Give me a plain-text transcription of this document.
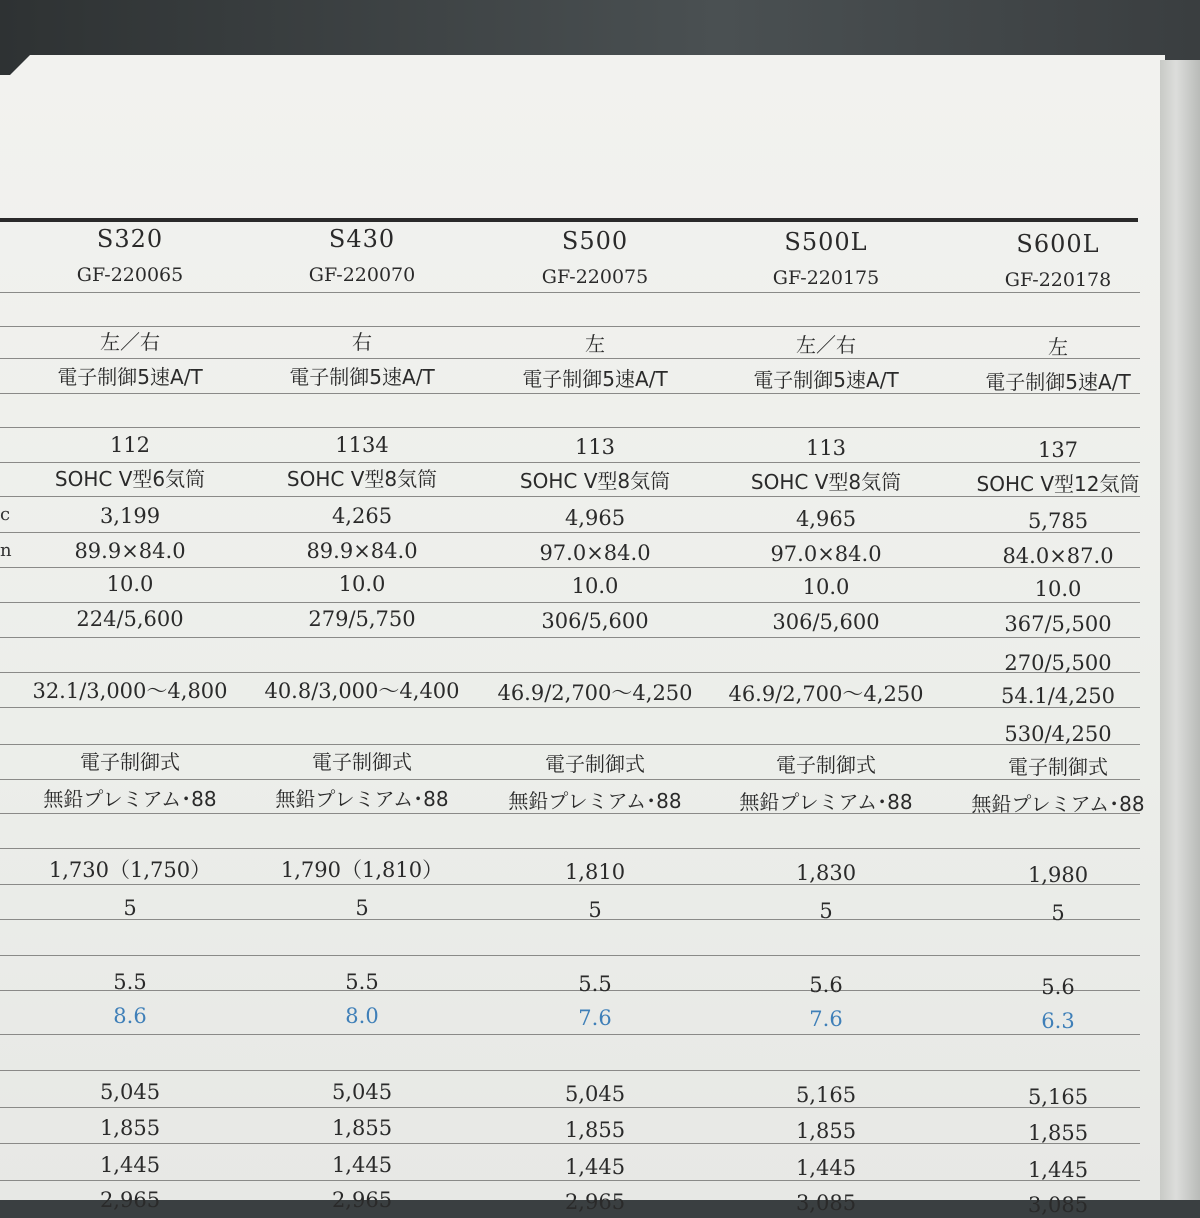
c
n
S320
GF-220065
左／右
電子制御5速A/T
112
SOHC V型6気筒
3,199
89.9×84.0
10.0
224/5,600
32.1/3,000〜4,800
電子制御式
無鉛プレミアム･88
1,730（1,750）
5
5.5
8.6
5,045
1,855
1,445
2,965
S430
GF-220070
右
電子制御5速A/T
1134
SOHC V型8気筒
4,265
89.9×84.0
10.0
279/5,750
40.8/3,000〜4,400
電子制御式
無鉛プレミアム･88
1,790（1,810）
5
5.5
8.0
5,045
1,855
1,445
2,965
S500
GF-220075
左
電子制御5速A/T
113
SOHC V型8気筒
4,965
97.0×84.0
10.0
306/5,600
46.9/2,700〜4,250
電子制御式
無鉛プレミアム･88
1,810
5
5.5
7.6
5,045
1,855
1,445
2,965
S500L
GF-220175
左／右
電子制御5速A/T
113
SOHC V型8気筒
4,965
97.0×84.0
10.0
306/5,600
46.9/2,700〜4,250
電子制御式
無鉛プレミアム･88
1,830
5
5.6
7.6
5,165
1,855
1,445
3,085
S600L
GF-220178
左
電子制御5速A/T
137
SOHC V型12気筒
5,785
84.0×87.0
10.0
367/5,500
270/5,500
54.1/4,250
530/4,250
電子制御式
無鉛プレミアム･88
1,980
5
5.6
6.3
5,165
1,855
1,445
3,085
